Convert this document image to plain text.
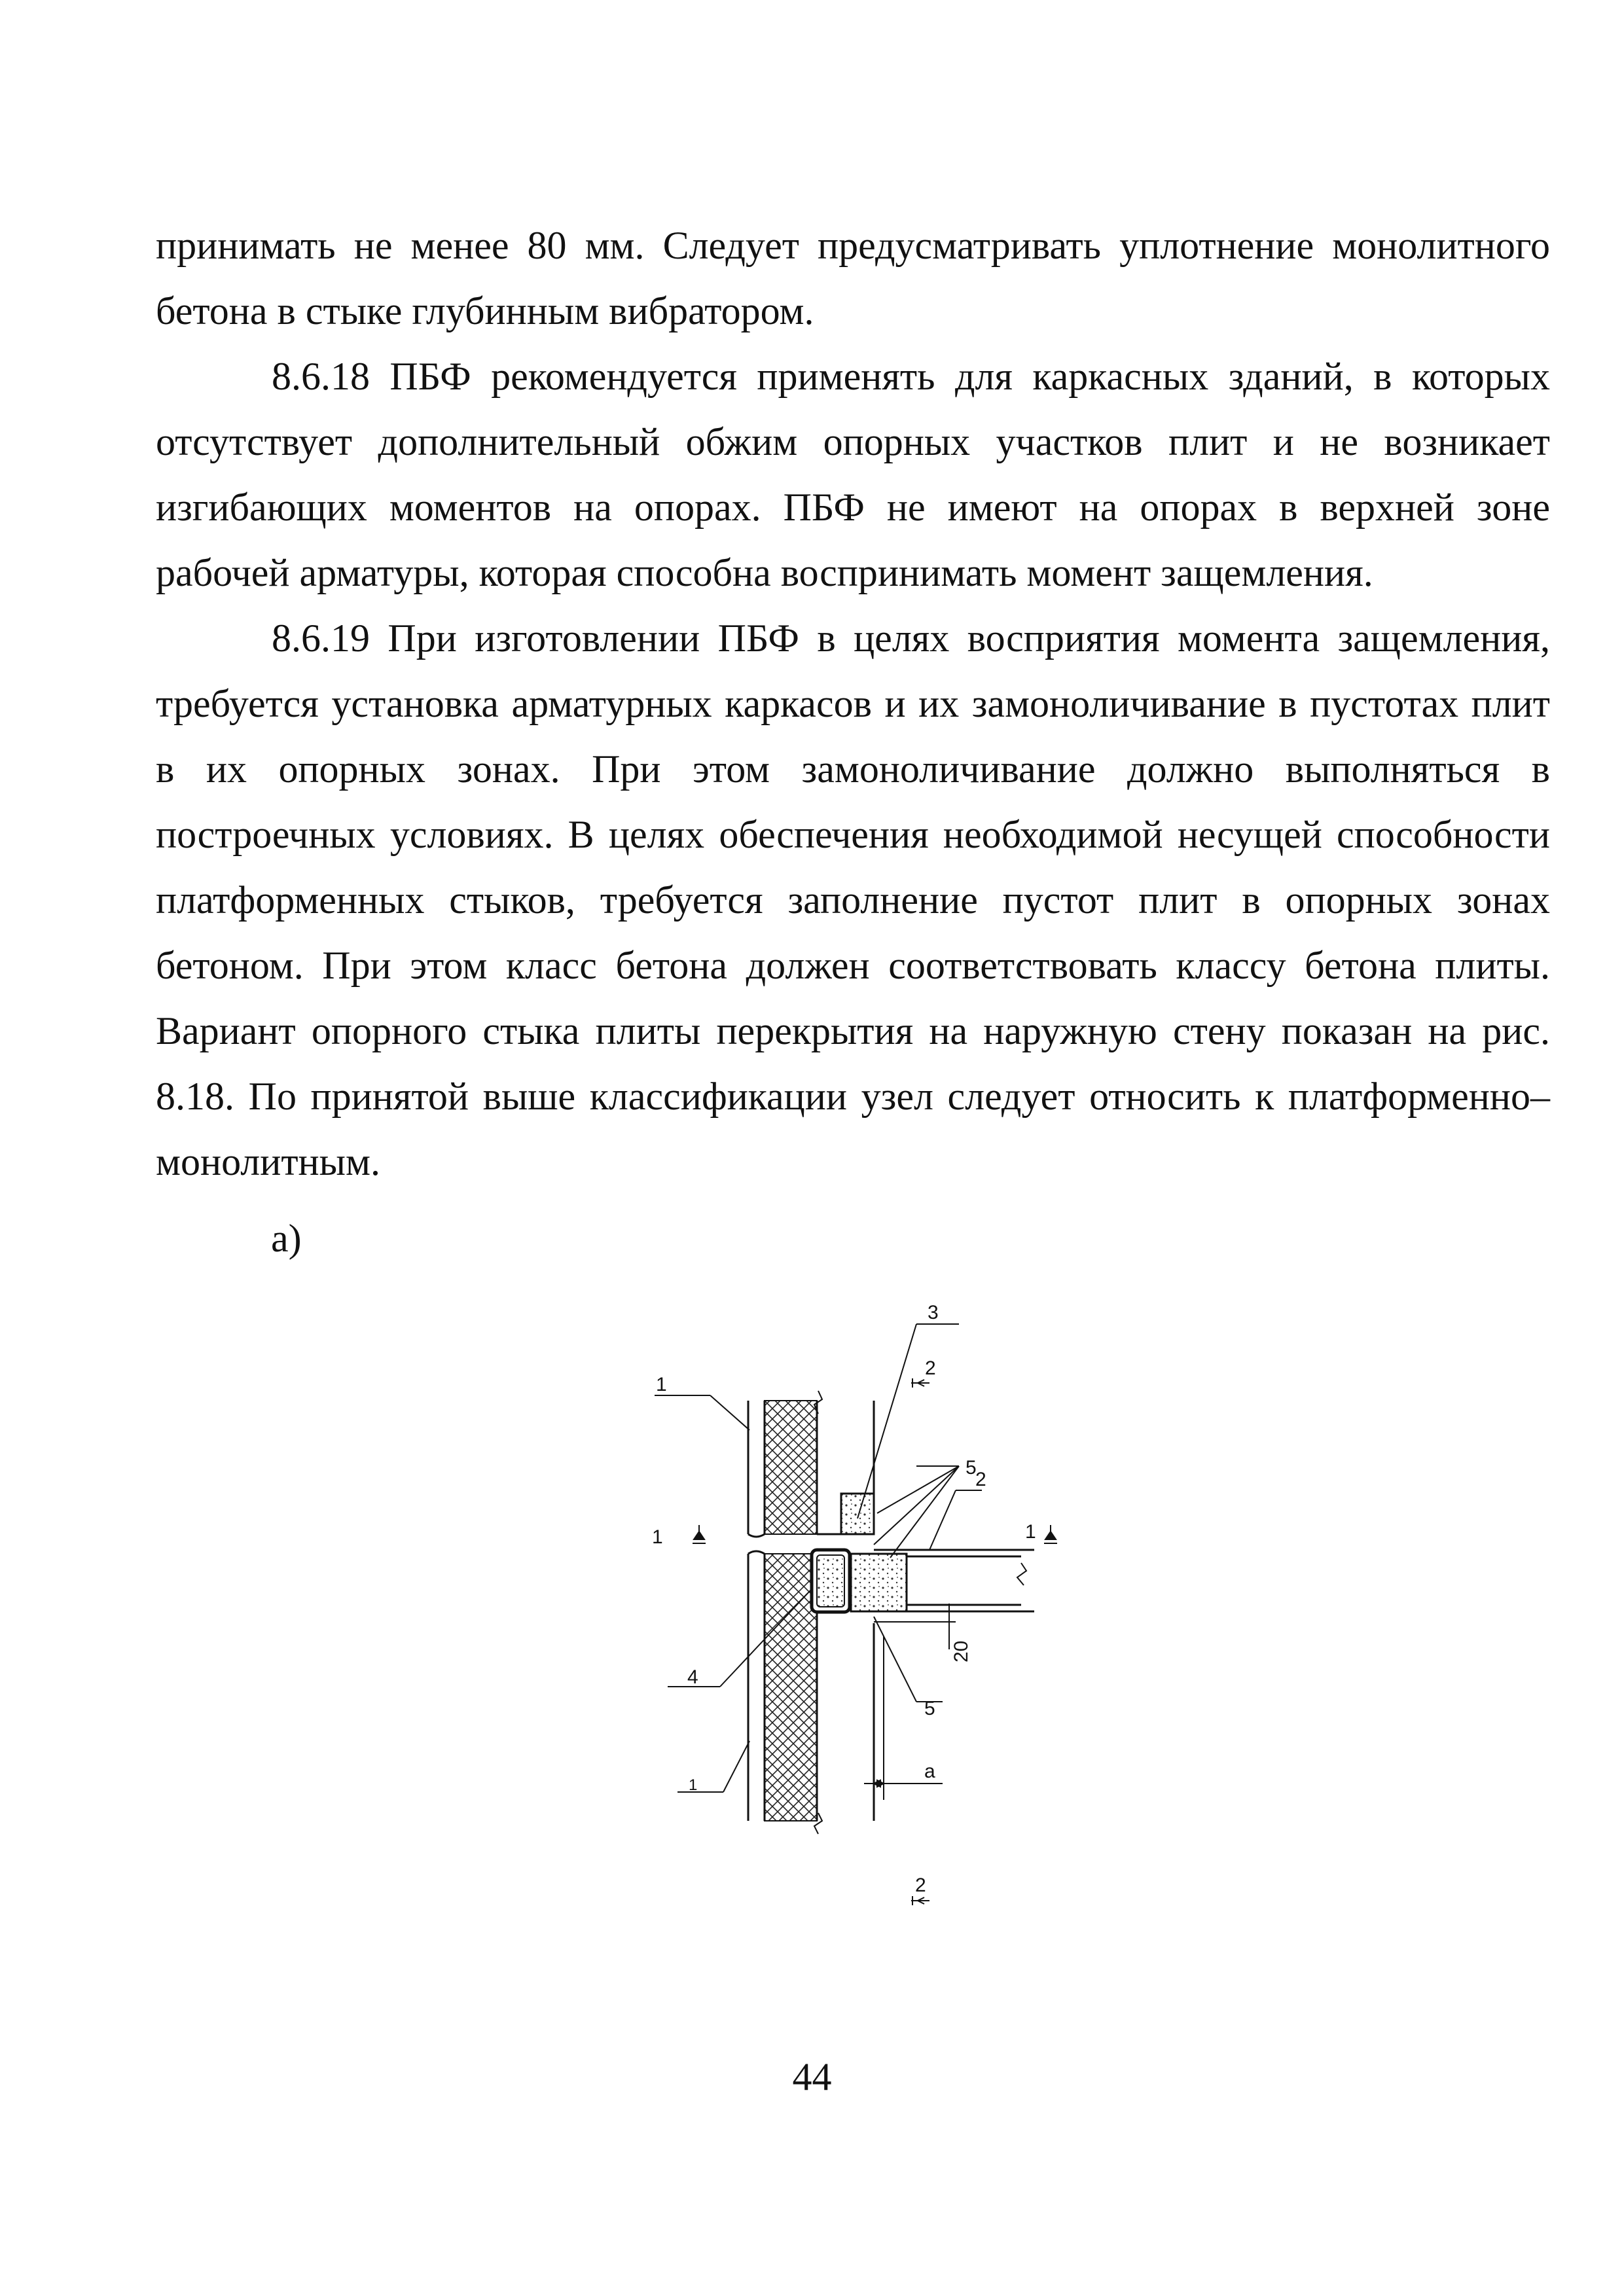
принимать не менее 80 мм. Следует предусматривать уплотнение монолитного бетона в стыке глубинным вибратором.

8.6.18 ПБФ рекомендуется применять для каркасных зданий, в которых отсутствует дополнительный обжим опорных участков плит и не возникает изгибающих моментов на опорах. ПБФ не имеют на опорах в верхней зоне рабочей арматуры, которая способна воспринимать момент защемления.

8.6.19 При изготовлении ПБФ в целях восприятия момента защемления, требуется установка арматурных каркасов и их замоноличивание в пустотах плит в их опорных зонах. При этом замоноличивание должно выполняться в построечных условиях. В целях обеспечения необходимой несущей способности платформенных стыков, требуется заполнение пустот плит в опорных зонах бетоном. При этом класс бетона должен соответствовать классу бетона плиты. Вариант опорного стыка плиты перекрытия на наружную стену показан на рис. 8.18. По принятой выше классификации узел следует относить к платформенно–монолитным.

а)
1
3
2
5
2
1	1
4
5
20
a
1
2
44
